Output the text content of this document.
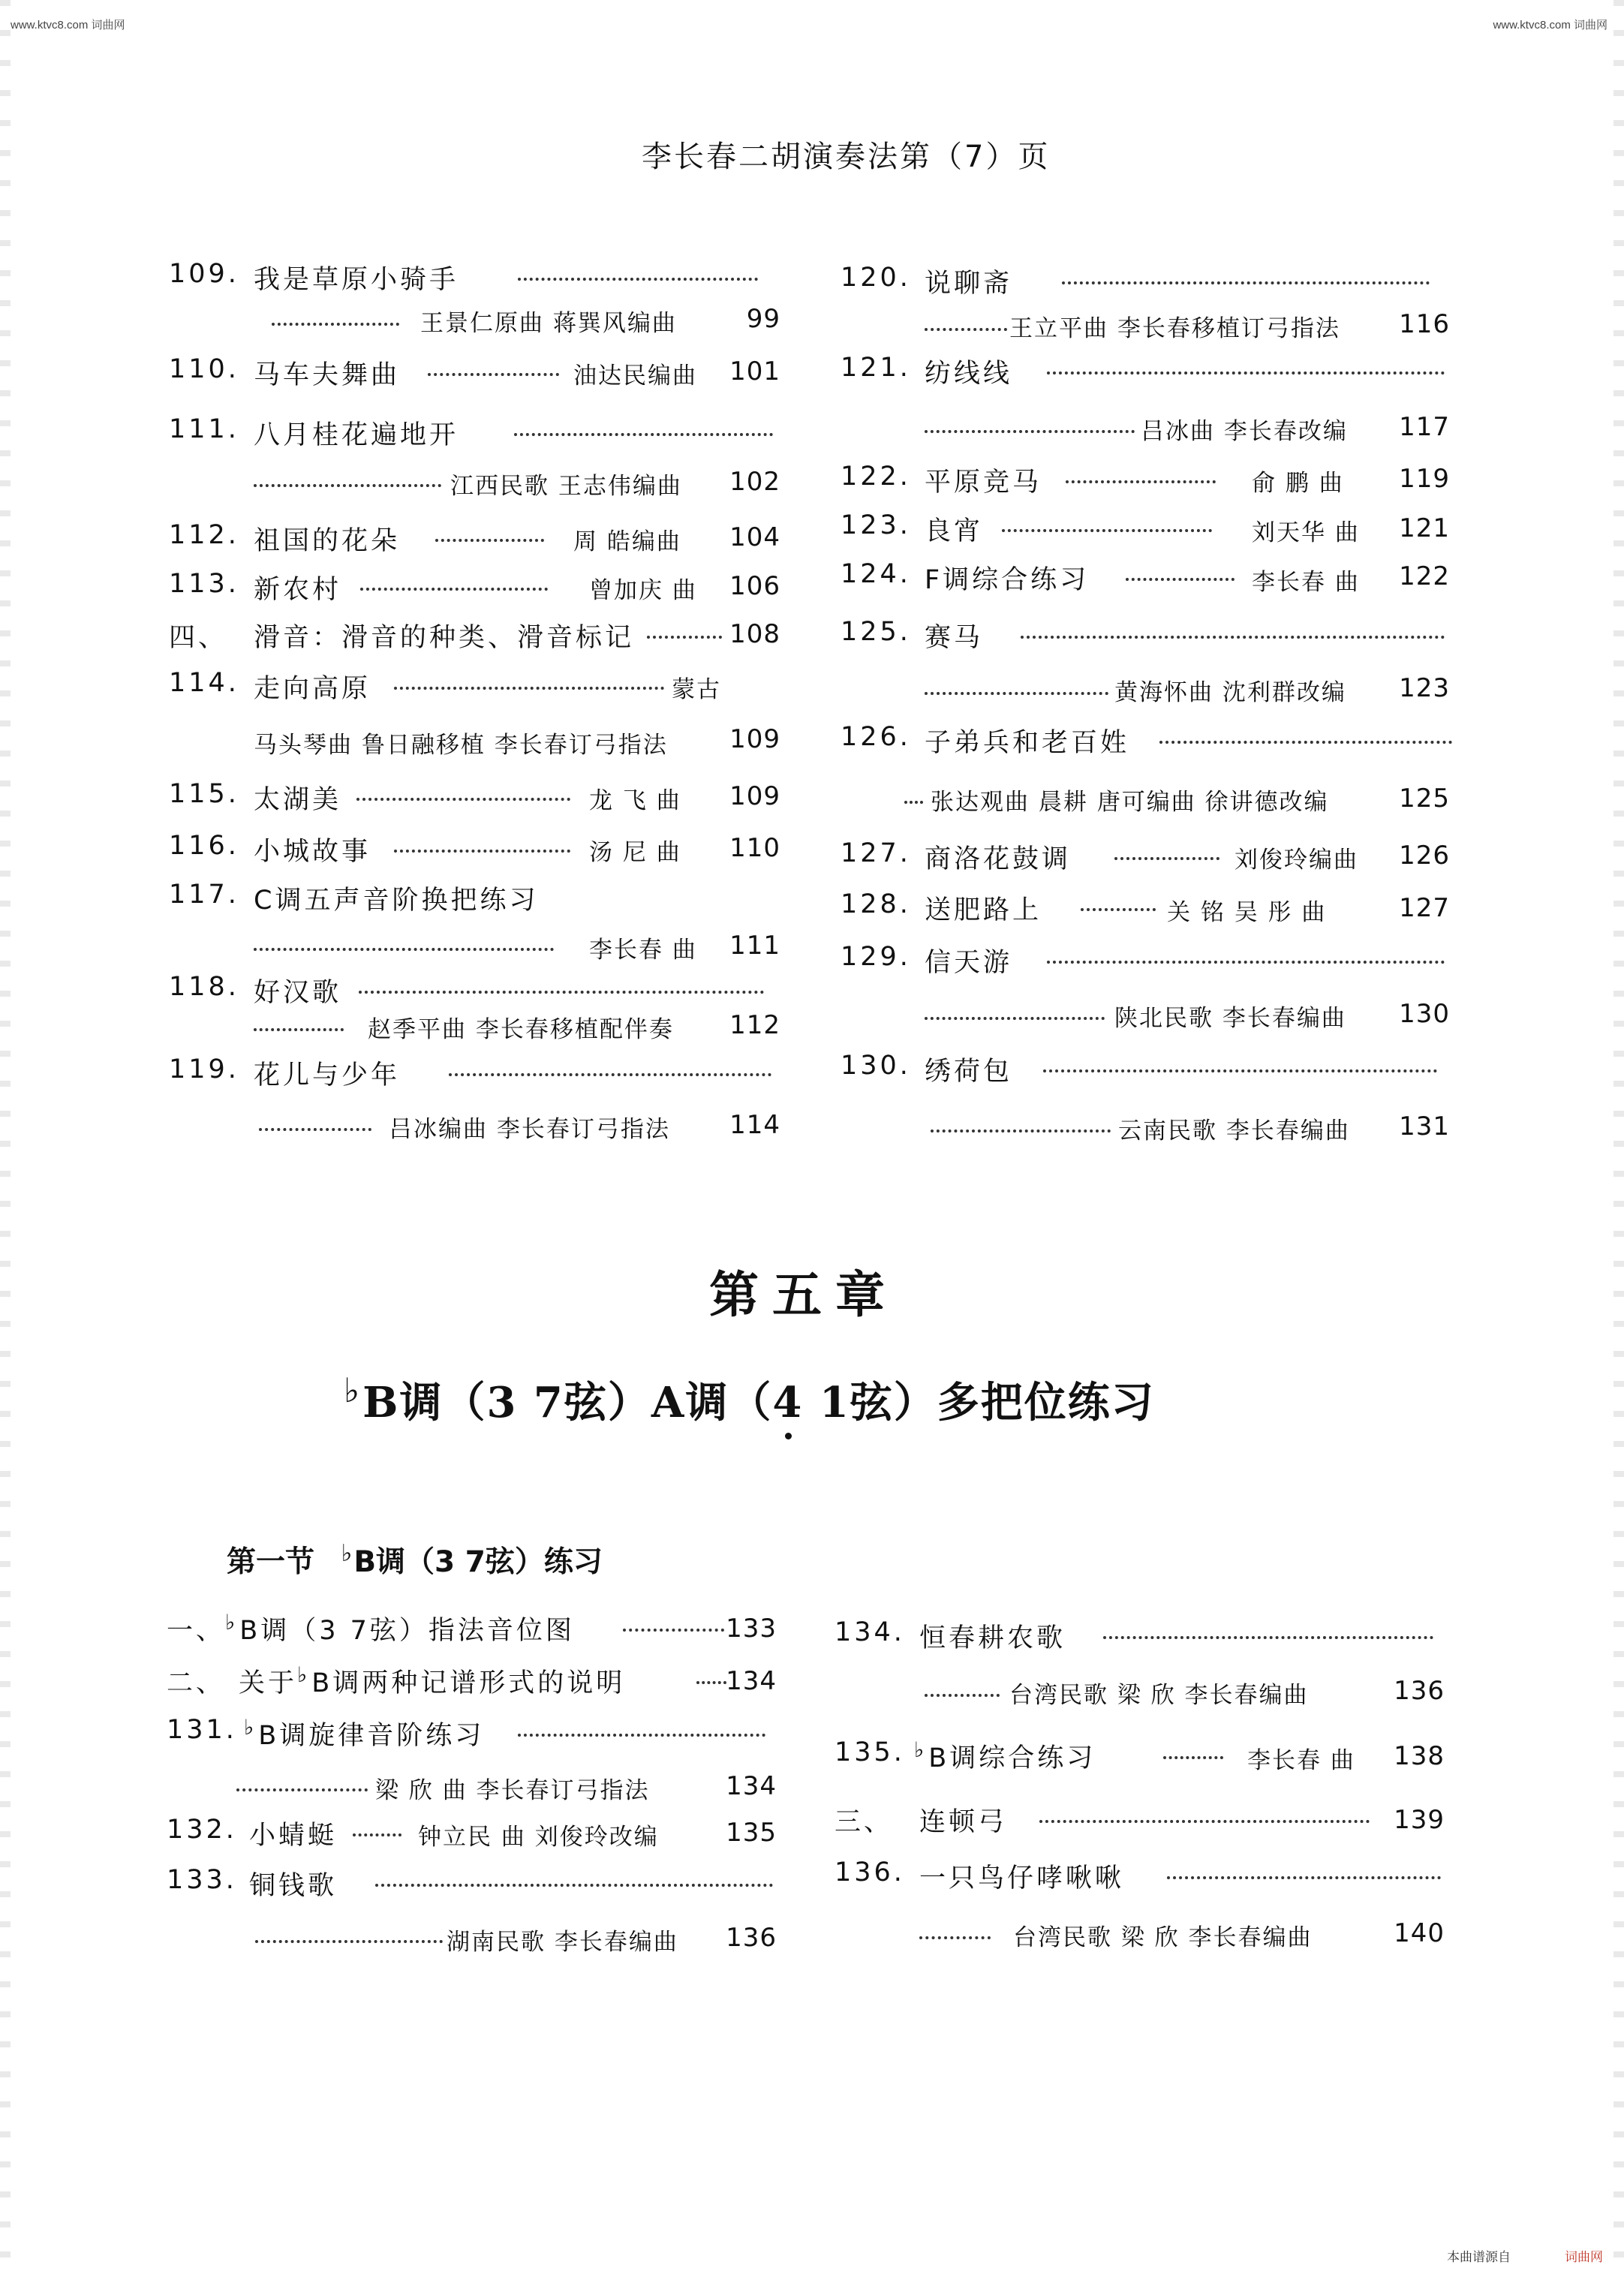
www.ktvc8.com 词曲网	www.ktvc8.com 词曲网
李长春二胡演奏法第（7）页
109. 我是草原小骑手
王景仁原曲 蒋巽风编曲	99
110. 马车夫舞曲	油达民编曲	101
111. 八月桂花遍地开
江西民歌 王志伟编曲	102
112. 祖国的花朵	周 皓编曲	104
113. 新农村	曾加庆 曲	106
四、 滑音：滑音的种类、滑音标记	108
114. 走向高原	蒙古
马头琴曲 鲁日融移植 李长春订弓指法	109
115. 太湖美	龙 飞 曲	109
116. 小城故事	汤 尼 曲	110
117. C调五声音阶换把练习
李长春 曲	111
118. 好汉歌
赵季平曲 李长春移植配伴奏	112
119. 花儿与少年
吕冰编曲 李长春订弓指法	114
120. 说聊斋
王立平曲 李长春移植订弓指法	116
121. 纺线线
吕冰曲 李长春改编	117
122. 平原竞马	俞 鹏 曲	119
123. 良宵	刘天华 曲	121
124. F调综合练习	李长春 曲	122
125. 赛马
黄海怀曲 沈利群改编	123
126. 子弟兵和老百姓
张达观曲 晨耕 唐可编曲 徐讲德改编	125
127. 商洛花鼓调	刘俊玲编曲	126
128. 送肥路上	关 铭 吴 彤 曲	127
129. 信天游
陕北民歌 李长春编曲	130
130. 绣荷包
云南民歌 李长春编曲	131
第五章
♭B调（3 7弦）A调（4 1弦）多把位练习
第一节 ♭B调（3 7弦）练习
一、 ♭B调（3 7弦）指法音位图	133
二、 关于♭B调两种记谱形式的说明	134
131. ♭B调旋律音阶练习
梁 欣 曲 李长春订弓指法	134
132. 小蜻蜓	钟立民 曲 刘俊玲改编	135
133. 铜钱歌
湖南民歌 李长春编曲	136
134. 恒春耕农歌
台湾民歌 梁 欣 李长春编曲	136
135. ♭B调综合练习	李长春 曲	138
三、 连顿弓	139
136. 一只鸟仔哮啾啾
台湾民歌 梁 欣 李长春编曲	140
本曲谱源自	词曲网
